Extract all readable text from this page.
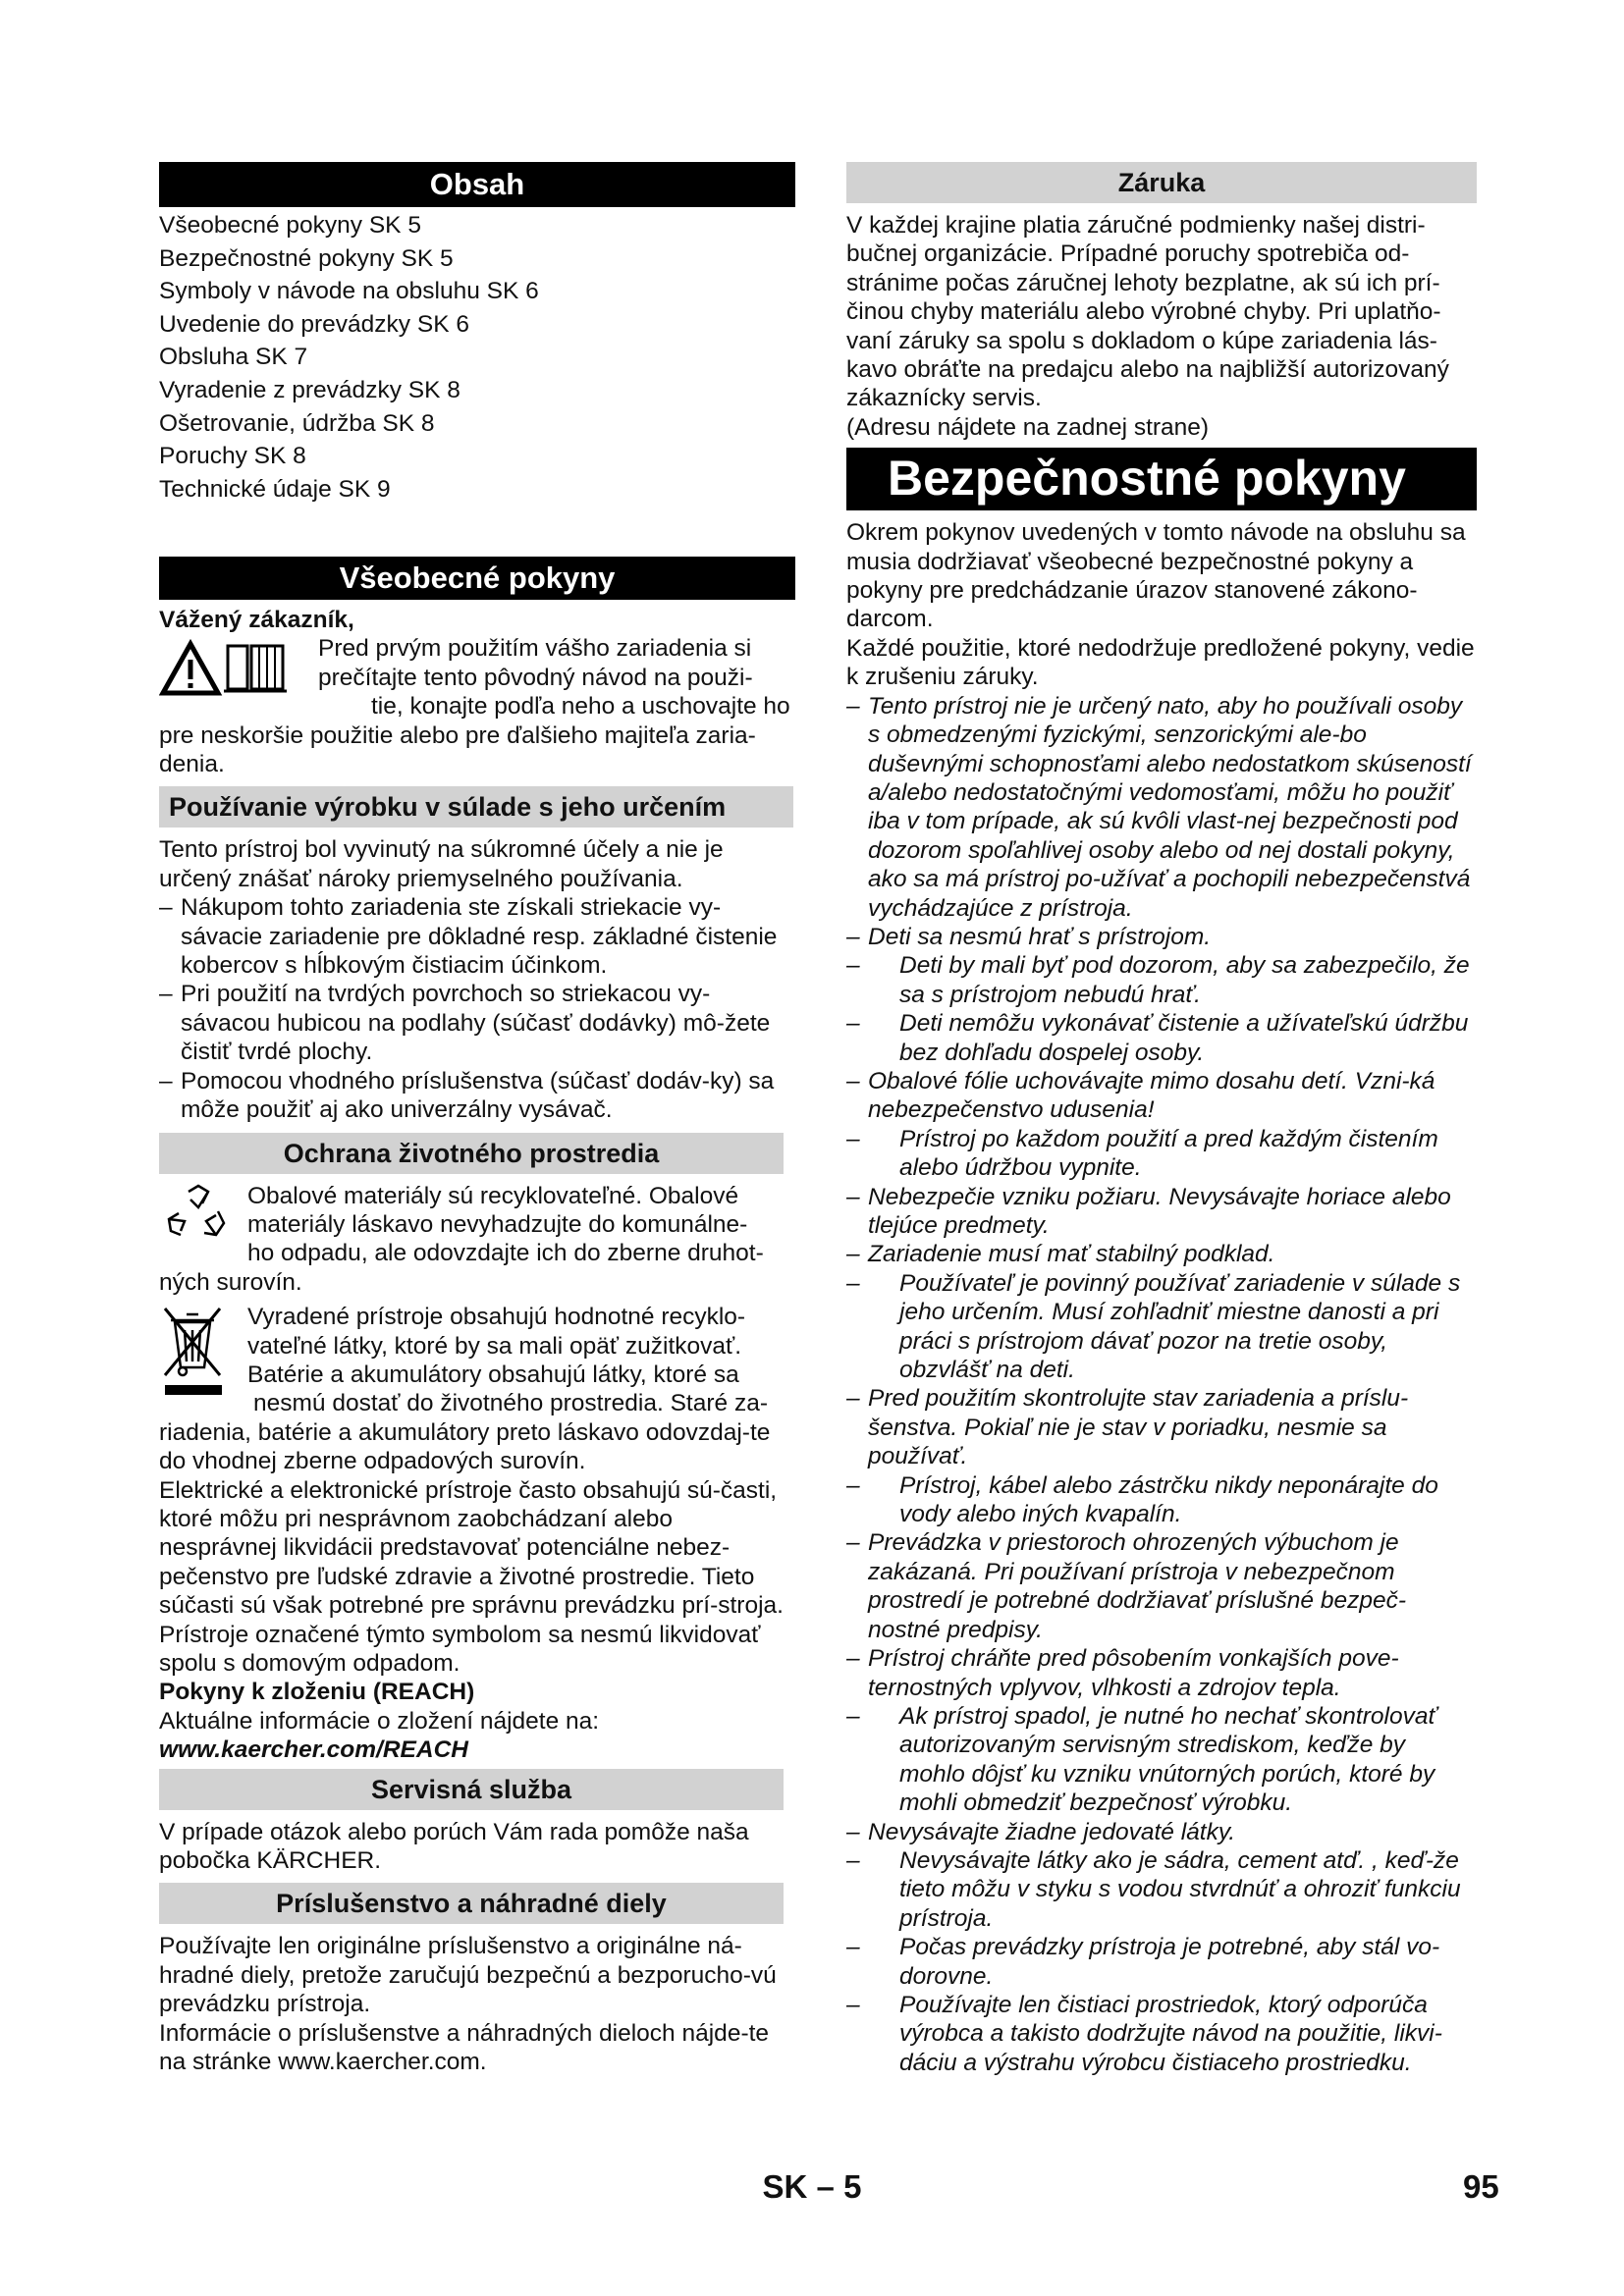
Obsah

Všeobecné pokyny SK 5

Bezpečnostné pokyny SK 5

Symboly v návode na obsluhu SK 6

Uvedenie do prevádzky SK 6

Obsluha SK 7

Vyradenie z prevádzky SK 8

Ošetrovanie, údržba SK 8

Poruchy SK 8

Technické údaje SK 9

Všeobecné pokyny

Vážený zákazník,

Pred prvým použitím vášho zariadenia si

prečítajte tento pôvodný návod na použi-

tie, konajte podľa neho a uschovajte ho

pre neskoršie použitie alebo pre ďalšieho majiteľa zaria-denia.

Používanie výrobku v súlade s jeho určením

Tento prístroj bol vyvinutý na súkromné účely a nie je určený znášať nároky priemyselného používania.

– Nákupom tohto zariadenia ste získali striekacie vy-sávacie zariadenie pre dôkladné resp. základné čistenie kobercov s hĺbkovým čistiacim účinkom.
– Pri použití na tvrdých povrchoch so striekacou vy-sávacou hubicou na podlahy (súčasť dodávky) mô-žete čistiť tvrdé plochy.
– Pomocou vhodného príslušenstva (súčasť dodáv-ky) sa môže použiť aj ako univerzálny vysávač.
Ochrana životného prostredia

Obalové materiály sú recyklovateľné. Obalové

materiály láskavo nevyhadzujte do komunálne-

ho odpadu, ale odovzdajte ich do zberne druhot-

ných surovín.

Vyradené prístroje obsahujú hodnotné recyklo-

vateľné látky, ktoré by sa mali opäť zužitkovať.

Batérie a akumulátory obsahujú látky, ktoré sa

nesmú dostať do životného prostredia. Staré za-

riadenia, batérie a akumulátory preto láskavo odovzdaj-te do vhodnej zberne odpadových surovín.

Elektrické a elektronické prístroje často obsahujú sú-časti, ktoré môžu pri nesprávnom zaobchádzaní alebo nesprávnej likvidácii predstavovať potenciálne nebez-pečenstvo pre ľudské zdravie a životné prostredie. Tieto súčasti sú však potrebné pre správnu prevádzku prí-stroja. Prístroje označené týmto symbolom sa nesmú likvidovať spolu s domovým odpadom.

Pokyny k zloženiu (REACH)

Aktuálne informácie o zložení nájdete na:

www.kaercher.com/REACH

Servisná služba

V prípade otázok alebo porúch Vám rada pomôže naša pobočka KÄRCHER.

Príslušenstvo a náhradné diely

Používajte len originálne príslušenstvo a originálne ná-hradné diely, pretože zaručujú bezpečnú a bezporucho-vú prevádzku prístroja.

Informácie o príslušenstve a náhradných dieloch nájde-te na stránke www.kaercher.com.

Záruka

V každej krajine platia záručné podmienky našej distri-bučnej organizácie. Prípadné poruchy spotrebiča od-stránime počas záručnej lehoty bezplatne, ak sú ich prí-činou chyby materiálu alebo výrobné chyby. Pri uplatňo-vaní záruky sa spolu s dokladom o kúpe zariadenia lás-kavo obráťte na predajcu alebo na najbližší autorizovaný zákaznícky servis.

(Adresu nájdete na zadnej strane)

Bezpečnostné pokyny

Okrem pokynov uvedených v tomto návode na obsluhu sa musia dodržiavať všeobecné bezpečnostné pokyny a pokyny pre predchádzanie úrazov stanovené zákono-darcom.

Každé použitie, ktoré nedodržuje predložené pokyny, vedie k zrušeniu záruky.

– Tento prístroj nie je určený nato, aby ho používali osoby s obmedzenými fyzickými, senzorickými ale-bo duševnými schopnosťami alebo nedostatkom skúseností a/alebo nedostatočnými vedomosťami, môžu ho použiť iba v tom prípade, ak sú kvôli vlast-nej bezpečnosti pod dozorom spoľahlivej osoby alebo od nej dostali pokyny, ako sa má prístroj po-užívať a pochopili nebezpečenstvá vychádzajúce z prístroja.
– Deti sa nesmú hrať s prístrojom.
–	Deti by mali byť pod dozorom, aby sa zabezpečilo, že sa s prístrojom nebudú hrať.
–	Deti nemôžu vykonávať čistenie a užívateľskú údržbu bez dohľadu dospelej osoby.
– Obalové fólie uchovávajte mimo dosahu detí. Vzni-ká nebezpečenstvo udusenia!
–	Prístroj po každom použití a pred každým čistením alebo údržbou vypnite.
– Nebezpečie vzniku požiaru. Nevysávajte horiace alebo tlejúce predmety.
– Zariadenie musí mať stabilný podklad.
–	Používateľ je povinný používať zariadenie v súlade s jeho určením. Musí zohľadniť miestne danosti a pri práci s prístrojom dávať pozor na tretie osoby, obzvlášť na deti.
– Pred použitím skontrolujte stav zariadenia a príslu-šenstva. Pokiaľ nie je stav v poriadku, nesmie sa používať.
–	Prístroj, kábel alebo zástrčku nikdy neponárajte do vody alebo iných kvapalín.
– Prevádzka v priestoroch ohrozených výbuchom je zakázaná. Pri používaní prístroja v nebezpečnom prostredí je potrebné dodržiavať príslušné bezpeč-nostné predpisy.
– Prístroj chráňte pred pôsobením vonkajších pove-ternostných vplyvov, vlhkosti a zdrojov tepla.
–	Ak prístroj spadol, je nutné ho nechať skontrolovať autorizovaným servisným strediskom, keďže by mohlo dôjsť ku vzniku vnútorných porúch, ktoré by mohli obmedziť bezpečnosť výrobku.
– Nevysávajte žiadne jedovaté látky.
–	Nevysávajte látky ako je sádra, cement atď. , keď-že tieto môžu v styku s vodou stvrdnúť a ohroziť funkciu prístroja.
–	Počas prevádzky prístroja je potrebné, aby stál vo-dorovne.
–	Používajte len čistiaci prostriedok, ktorý odporúča výrobca a takisto dodržujte návod na použitie, likvi-dáciu a výstrahu výrobcu čistiaceho prostriedku.
SK – 5	95
